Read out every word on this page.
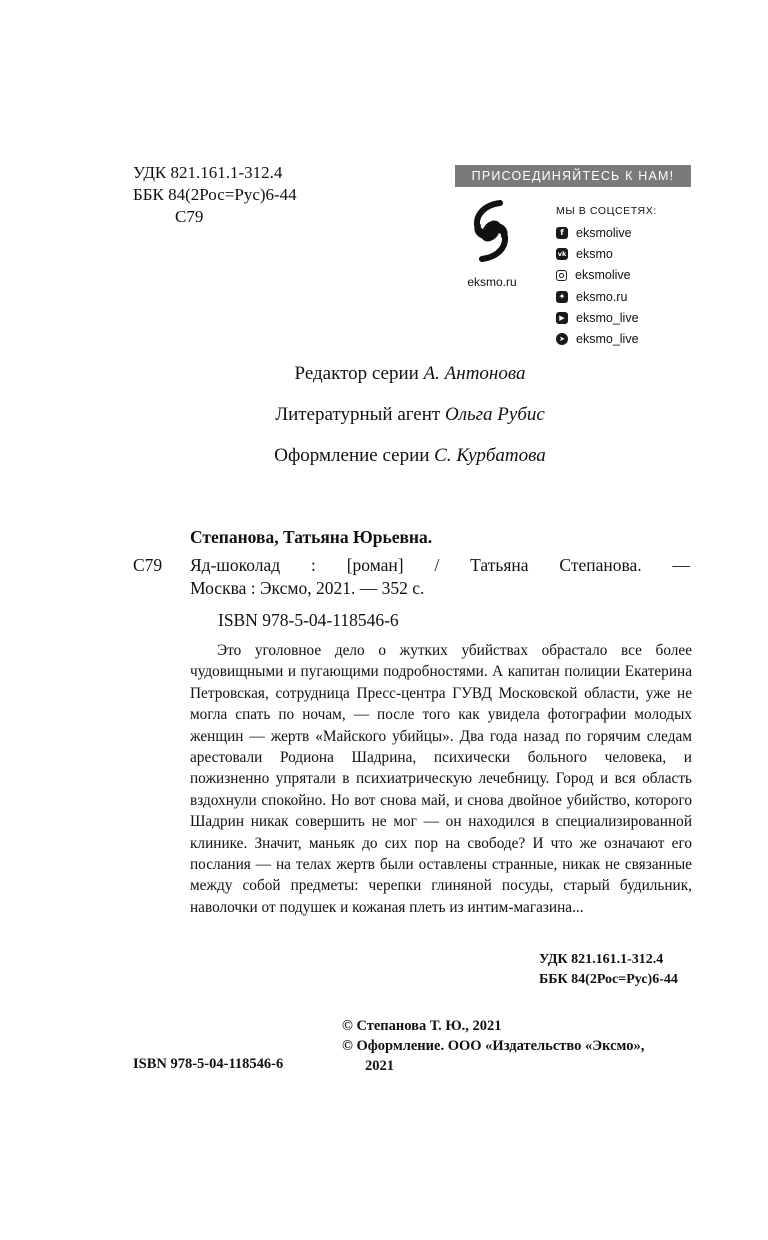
УДК 821.161.1-312.4
ББК 84(2Рос=Рус)6-44
С79
ПРИСОЕДИНЯЙТЕСЬ К НАМ!
eksmo.ru
МЫ В СОЦСЕТЯХ:
f eksmolive
vk eksmo
eksmolive
✦ eksmo.ru
▶ eksmo_live
➤ eksmo_live
Редактор серии А. Антонова
Литературный агент Ольга Рубис
Оформление серии С. Курбатова
Степанова, Татьяна Юрьевна.
С79 Яд-шоколад : [роман] / Татьяна Степанова. —
Москва : Эксмо, 2021. — 352 с.
ISBN 978-5-04-118546-6

Это уголовное дело о жутких убийствах обрастало все более чудовищными и пугающими подробностями. А капитан полиции Екатерина Петровская, сотрудница Пресс-центра ГУВД Московской области, уже не могла спать по ночам, — после того как увидела фотографии молодых женщин — жертв «Майского убийцы». Два года назад по горячим следам арестовали Родиона Шадрина, психически больного человека, и пожизненно упрятали в психиатрическую лечебницу. Город и вся область вздохнули спокойно. Но вот снова май, и снова двойное убийство, которого Шадрин никак совершить не мог — он находился в специализированной клинике. Значит, маньяк до сих пор на свободе? И что же означают его послания — на телах жертв были оставлены странные, никак не связанные между собой предметы: черепки глиняной посуды, старый будильник, наволочки от подушек и кожаная плеть из интим-магазина...

УДК 821.161.1-312.4
ББК 84(2Рос=Рус)6-44
© Степанова Т. Ю., 2021
© Оформление. ООО «Издательство «Эксмо»,
2021
ISBN 978-5-04-118546-6
